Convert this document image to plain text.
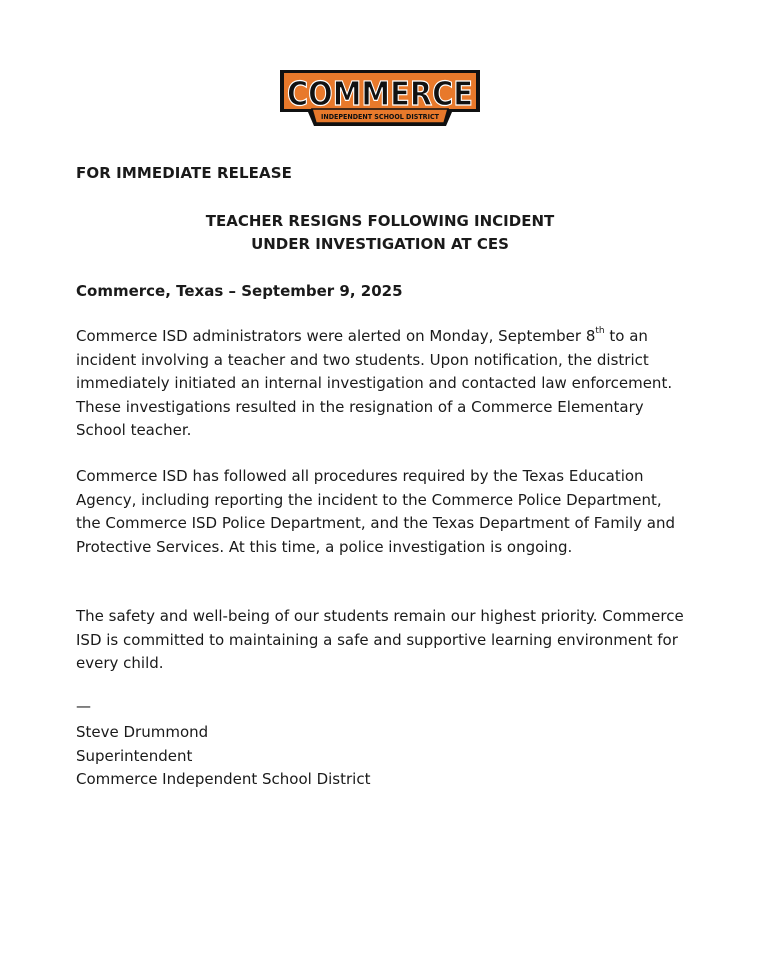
COMMERCE
INDEPENDENT SCHOOL DISTRICT
FOR IMMEDIATE RELEASE
TEACHER RESIGNS FOLLOWING INCIDENT
UNDER INVESTIGATION AT CES
Commerce, Texas – September 9, 2025

Commerce ISD administrators were alerted on Monday, September 8th to an incident involving a teacher and two students. Upon notification, the district immediately initiated an internal investigation and contacted law enforcement. These investigations resulted in the resignation of a Commerce Elementary School teacher.

Commerce ISD has followed all procedures required by the Texas Education Agency, including reporting the incident to the Commerce Police Department, the Commerce ISD Police Department, and the Texas Department of Family and Protective Services. At this time, a police investigation is ongoing.

The safety and well-being of our students remain our highest priority. Commerce ISD is committed to maintaining a safe and supportive learning environment for every child.

—
Steve Drummond
Superintendent
Commerce Independent School District
